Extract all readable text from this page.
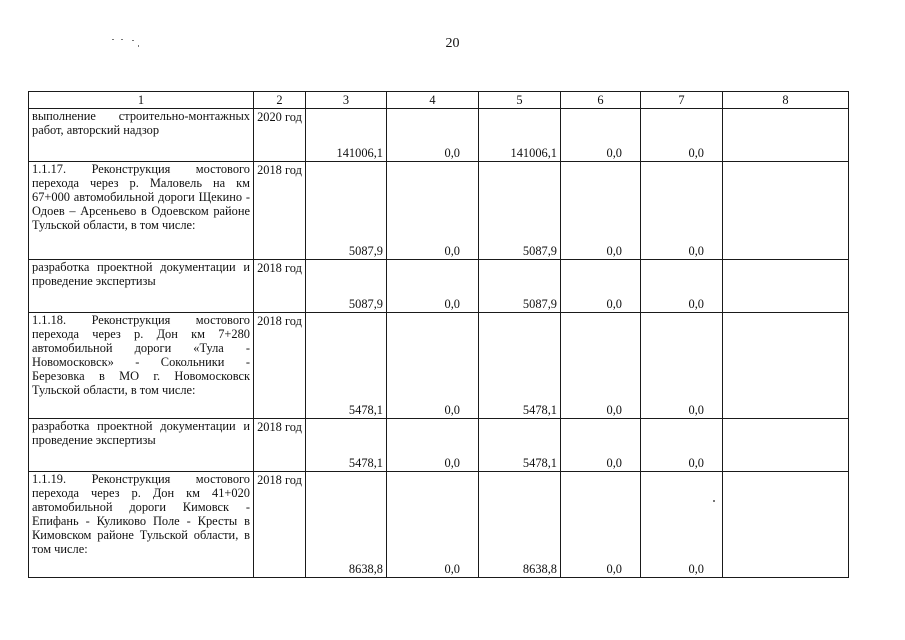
20
1	2	3	4	5	6	7	8
выполнение строительно-монтажных работ, авторский надзор	2020 год	141006,1	0,0	141006,1	0,0	0,0	
1.1.17. Реконструкция мостового перехода через р. Маловель на км 67+000 автомобильной дороги Щекино - Одоев – Арсеньево в Одоевском районе Тульской области, в том числе:	2018 год	5087,9	0,0	5087,9	0,0	0,0	
разработка проектной документации и проведение экспертизы	2018 год	5087,9	0,0	5087,9	0,0	0,0	
1.1.18. Реконструкция мостового перехода через р. Дон км 7+280 автомобильной дороги «Тула - Новомосковск» - Сокольники - Березовка в МО г. Новомосковск Тульской области, в том числе:	2018 год	5478,1	0,0	5478,1	0,0	0,0	
разработка проектной документации и проведение экспертизы	2018 год	5478,1	0,0	5478,1	0,0	0,0	
1.1.19. Реконструкция мостового перехода через р. Дон км 41+020 автомобильной дороги Кимовск - Епифань - Куликово Поле - Кресты в Кимовском районе Тульской области, в том числе:	2018 год	8638,8	0,0	8638,8	0,0	0,0	
